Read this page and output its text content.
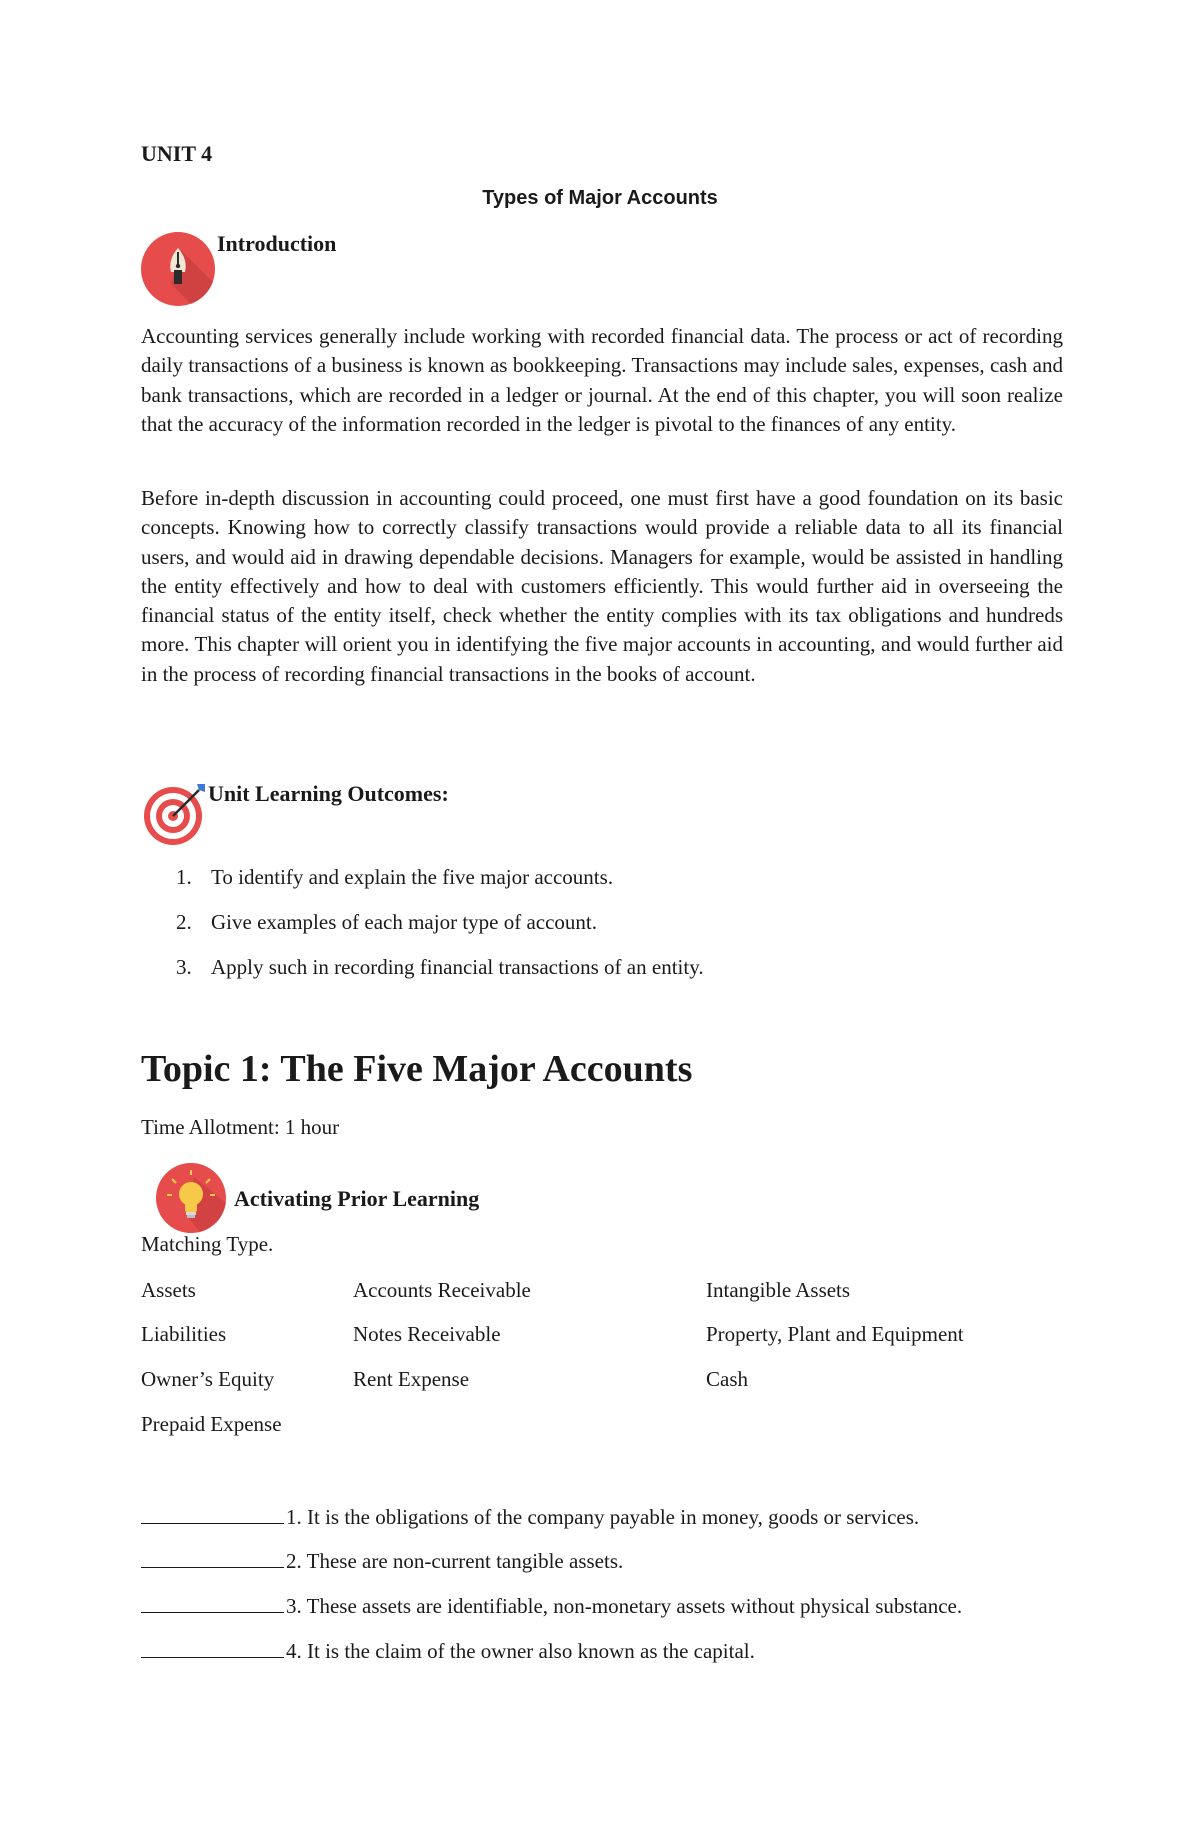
UNIT 4
Types of Major Accounts
Introduction
Accounting services generally include working with recorded financial data. The process or act of recording daily transactions of a business is known as bookkeeping. Transactions may include sales, expenses, cash and bank transactions, which are recorded in a ledger or journal. At the end of this chapter, you will soon realize that the accuracy of the information recorded in the ledger is pivotal to the finances of any entity.
Before in-depth discussion in accounting could proceed, one must first have a good foundation on its basic concepts. Knowing how to correctly classify transactions would provide a reliable data to all its financial users, and would aid in drawing dependable decisions. Managers for example, would be assisted in handling the entity effectively and how to deal with customers efficiently. This would further aid in overseeing the financial status of the entity itself, check whether the entity complies with its tax obligations and hundreds more. This chapter will orient you in identifying the five major accounts in accounting, and would further aid in the process of recording financial transactions in the books of account.
Unit Learning Outcomes:
1. To identify and explain the five major accounts.
2. Give examples of each major type of account.
3. Apply such in recording financial transactions of an entity.
Topic 1: The Five Major Accounts
Time Allotment: 1 hour
Activating Prior Learning
Matching Type.
Assets
Liabilities
Owner’s Equity
Prepaid Expense
Accounts Receivable
Notes Receivable
Rent Expense
Intangible Assets
Property, Plant and Equipment
Cash
1. It is the obligations of the company payable in money, goods or services.
2. These are non-current tangible assets.
3. These assets are identifiable, non-monetary assets without physical substance.
4. It is the claim of the owner also known as the capital.
